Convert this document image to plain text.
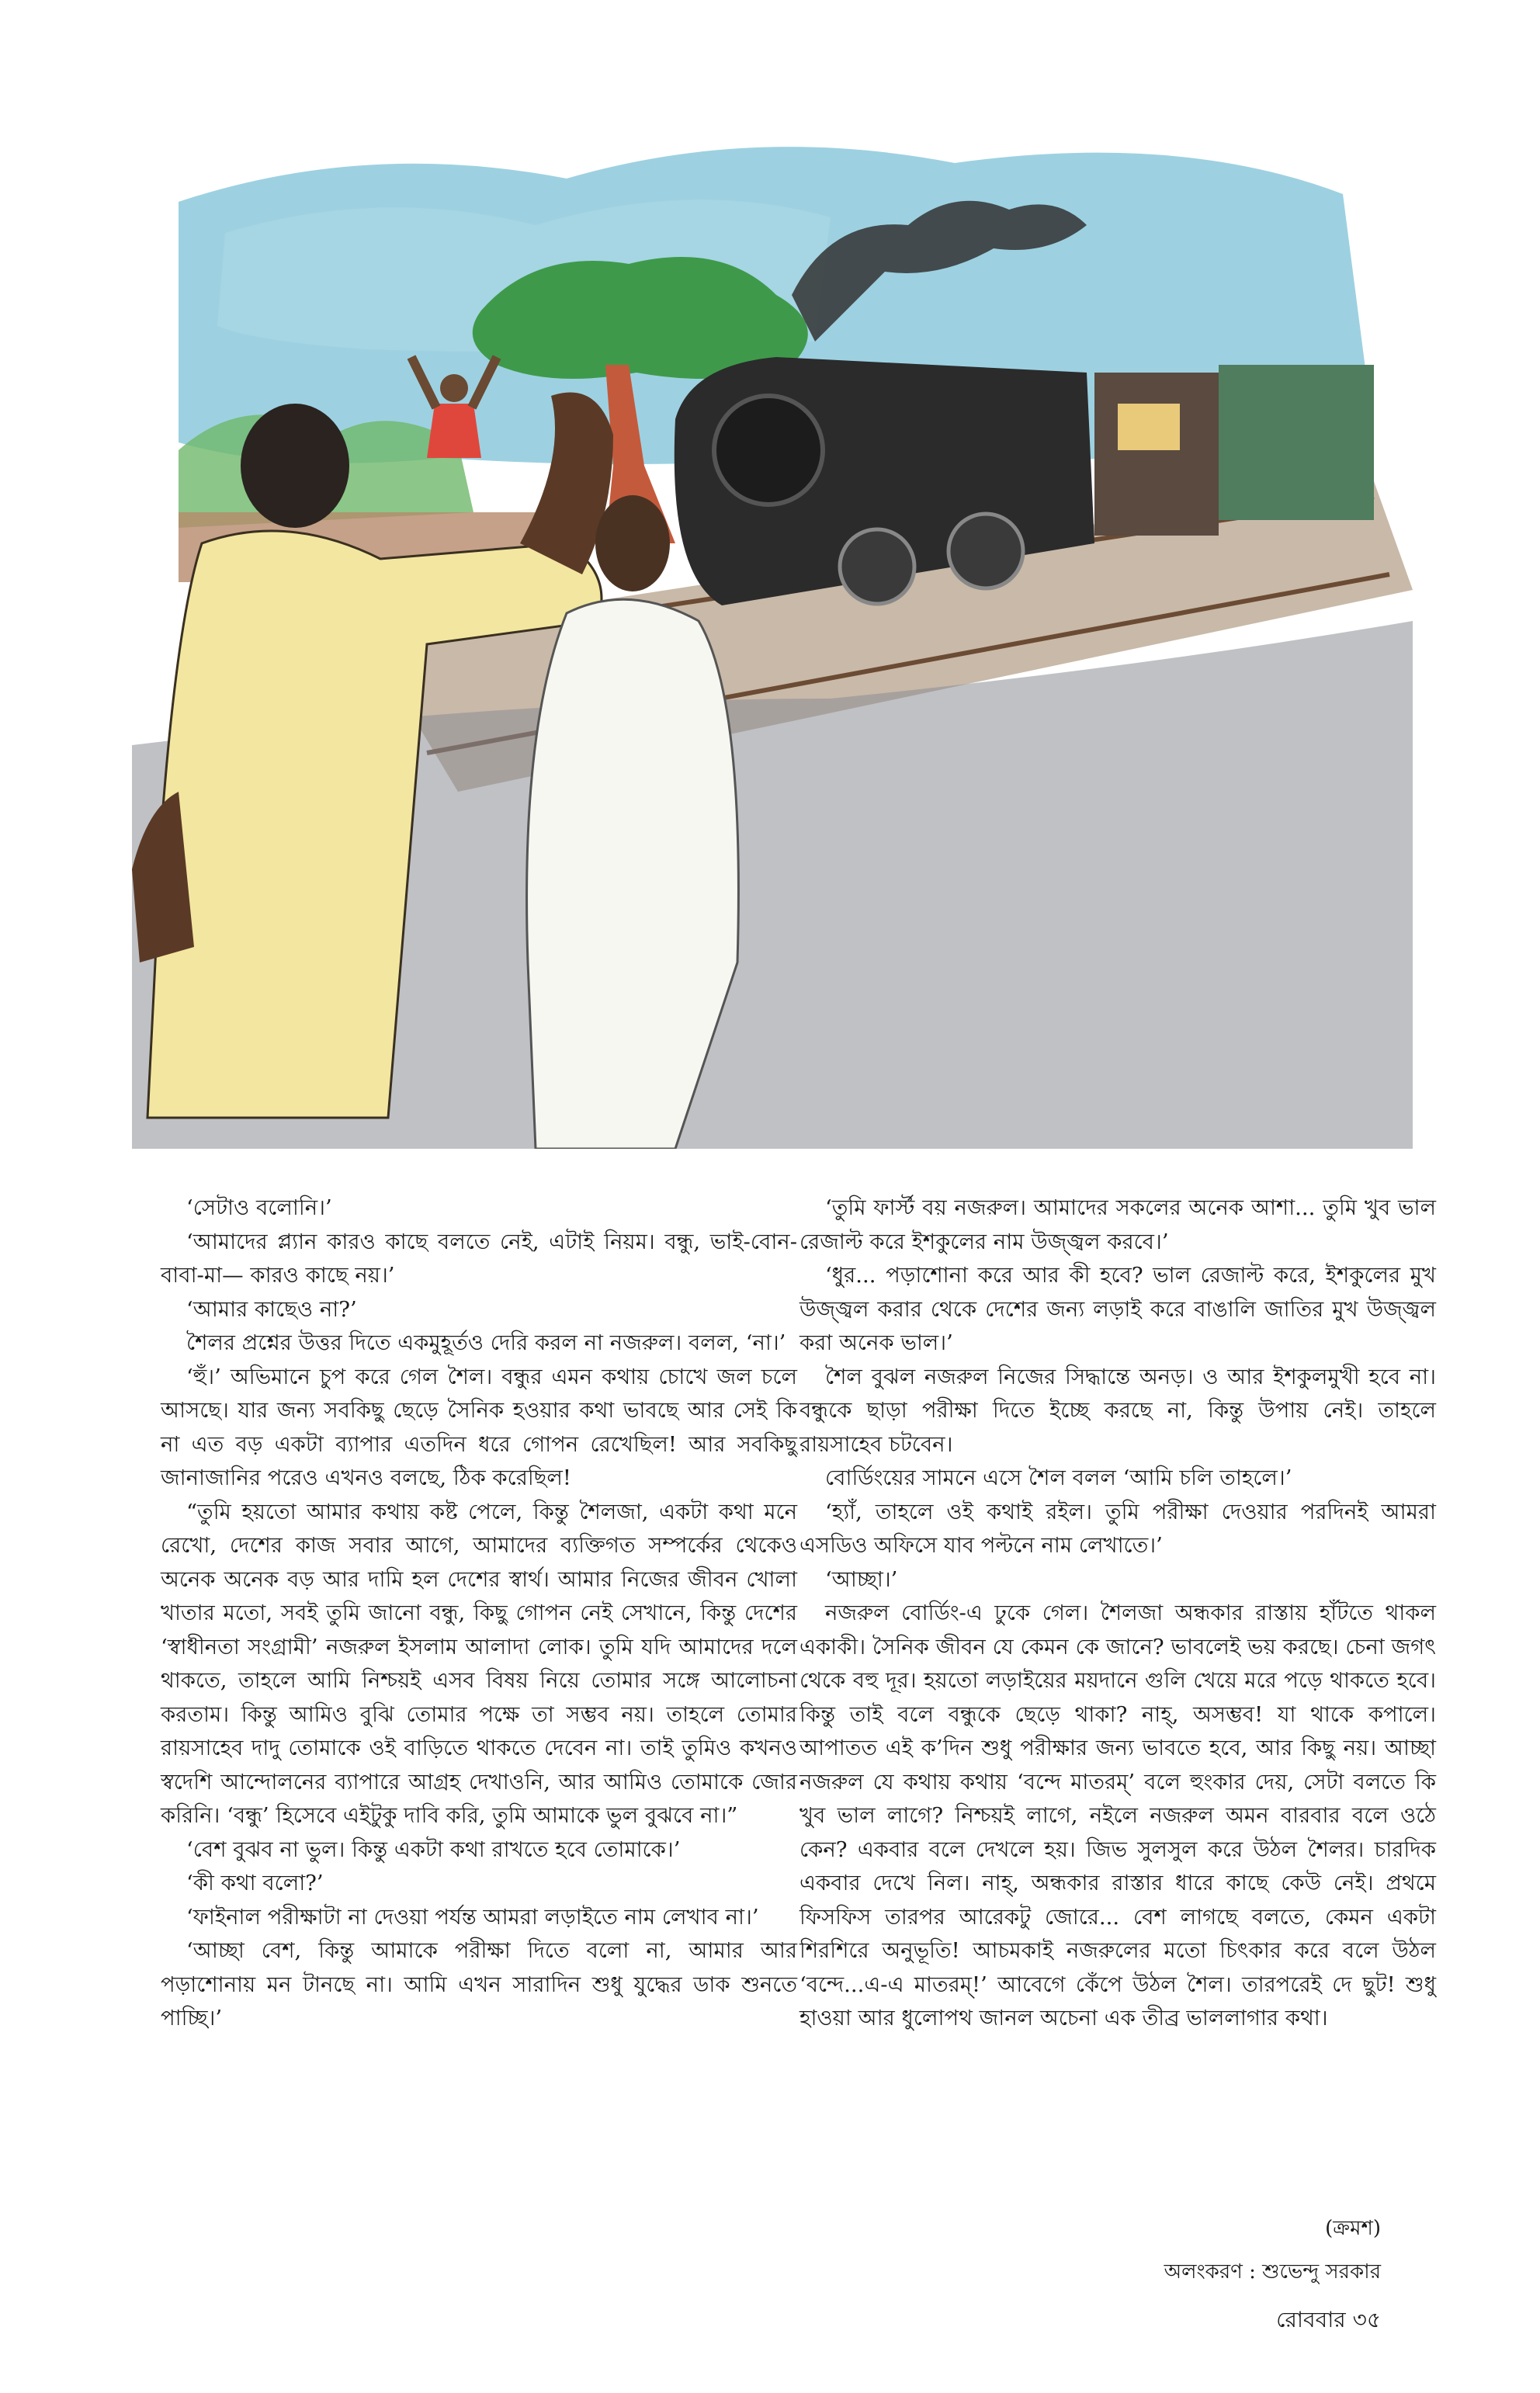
‘সেটাও বলোনি।’

‘আমাদের প্ল্যান কারও কাছে বলতে নেই, এটাই নিয়ম। বন্ধু, ভাই-বোন-বাবা-মা— কারও কাছে নয়।’

‘আমার কাছেও না?’

শৈলর প্রশ্নের উত্তর দিতে একমুহূর্তও দেরি করল না নজরুল। বলল, ‘না।’

‘হুঁ।’ অভিমানে চুপ করে গেল শৈল। বন্ধুর এমন কথায় চোখে জল চলে আসছে। যার জন্য সবকিছু ছেড়ে সৈনিক হওয়ার কথা ভাবছে আর সেই কি না এত বড় একটা ব্যাপার এতদিন ধরে গোপন রেখেছিল! আর সবকিছু জানাজানির পরেও এখনও বলছে, ঠিক করেছিল!

“তুমি হয়তো আমার কথায় কষ্ট পেলে, কিন্তু শৈলজা, একটা কথা মনে রেখো, দেশের কাজ সবার আগে, আমাদের ব্যক্তিগত সম্পর্কের থেকেও অনেক অনেক বড় আর দামি হল দেশের স্বার্থ। আমার নিজের জীবন খোলা খাতার মতো, সবই তুমি জানো বন্ধু, কিছু গোপন নেই সেখানে, কিন্তু দেশের ‘স্বাধীনতা সংগ্রামী’ নজরুল ইসলাম আলাদা লোক। তুমি যদি আমাদের দলে থাকতে, তাহলে আমি নিশ্চয়ই এসব বিষয় নিয়ে তোমার সঙ্গে আলোচনা করতাম। কিন্তু আমিও বুঝি তোমার পক্ষে তা সম্ভব নয়। তাহলে তোমার রায়সাহেব দাদু তোমাকে ওই বাড়িতে থাকতে দেবেন না। তাই তুমিও কখনও স্বদেশি আন্দোলনের ব্যাপারে আগ্রহ দেখাওনি, আর আমিও তোমাকে জোর করিনি। ‘বন্ধু’ হিসেবে এইটুকু দাবি করি, তুমি আমাকে ভুল বুঝবে না।”

‘বেশ বুঝব না ভুল। কিন্তু একটা কথা রাখতে হবে তোমাকে।’

‘কী কথা বলো?’

‘ফাইনাল পরীক্ষাটা না দেওয়া পর্যন্ত আমরা লড়াইতে নাম লেখাব না।’

‘আচ্ছা বেশ, কিন্তু আমাকে পরীক্ষা দিতে বলো না, আমার আর পড়াশোনায় মন টানছে না। আমি এখন সারাদিন শুধু যুদ্ধের ডাক শুনতে পাচ্ছি।’

‘তুমি ফার্স্ট বয় নজরুল। আমাদের সকলের অনেক আশা... তুমি খুব ভাল রেজাল্ট করে ইশকুলের নাম উজ্জ্বল করবে।’

‘ধুর... পড়াশোনা করে আর কী হবে? ভাল রেজাল্ট করে, ইশকুলের মুখ উজ্জ্বল করার থেকে দেশের জন্য লড়াই করে বাঙালি জাতির মুখ উজ্জ্বল করা অনেক ভাল।’

শৈল বুঝল নজরুল নিজের সিদ্ধান্তে অনড়। ও আর ইশকুলমুখী হবে না। বন্ধুকে ছাড়া পরীক্ষা দিতে ইচ্ছে করছে না, কিন্তু উপায় নেই। তাহলে রায়সাহেব চটবেন।

বোর্ডিংয়ের সামনে এসে শৈল বলল ‘আমি চলি তাহলে।’

‘হ্যাঁ, তাহলে ওই কথাই রইল। তুমি পরীক্ষা দেওয়ার পরদিনই আমরা এসডিও অফিসে যাব পল্টনে নাম লেখাতে।’

‘আচ্ছা।’

নজরুল বোর্ডিং-এ ঢুকে গেল। শৈলজা অন্ধকার রাস্তায় হাঁটতে থাকল একাকী। সৈনিক জীবন যে কেমন কে জানে? ভাবলেই ভয় করছে। চেনা জগৎ থেকে বহু দূর। হয়তো লড়াইয়ের ময়দানে গুলি খেয়ে মরে পড়ে থাকতে হবে। কিন্তু তাই বলে বন্ধুকে ছেড়ে থাকা? নাহ্, অসম্ভব! যা থাকে কপালে। আপাতত এই ক’দিন শুধু পরীক্ষার জন্য ভাবতে হবে, আর কিছু নয়। আচ্ছা নজরুল যে কথায় কথায় ‘বন্দে মাতরম্’ বলে হুংকার দেয়, সেটা বলতে কি খুব ভাল লাগে? নিশ্চয়ই লাগে, নইলে নজরুল অমন বারবার বলে ওঠে কেন? একবার বলে দেখলে হয়। জিভ সুলসুল করে উঠল শৈলর। চারদিক একবার দেখে নিল। নাহ্, অন্ধকার রাস্তার ধারে কাছে কেউ নেই। প্রথমে ফিসফিস তারপর আরেকটু জোরে... বেশ লাগছে বলতে, কেমন একটা শিরশিরে অনুভূতি! আচমকাই নজরুলের মতো চিৎকার করে বলে উঠল ‘বন্দে...এ-এ মাতরম্!’ আবেগে কেঁপে উঠল শৈল। তারপরেই দে ছুট! শুধু হাওয়া আর ধুলোপথ জানল অচেনা এক তীব্র ভাললাগার কথা।

(ক্রমশ)
অলংকরণ : শুভেন্দু সরকার
রোববার ৩৫
